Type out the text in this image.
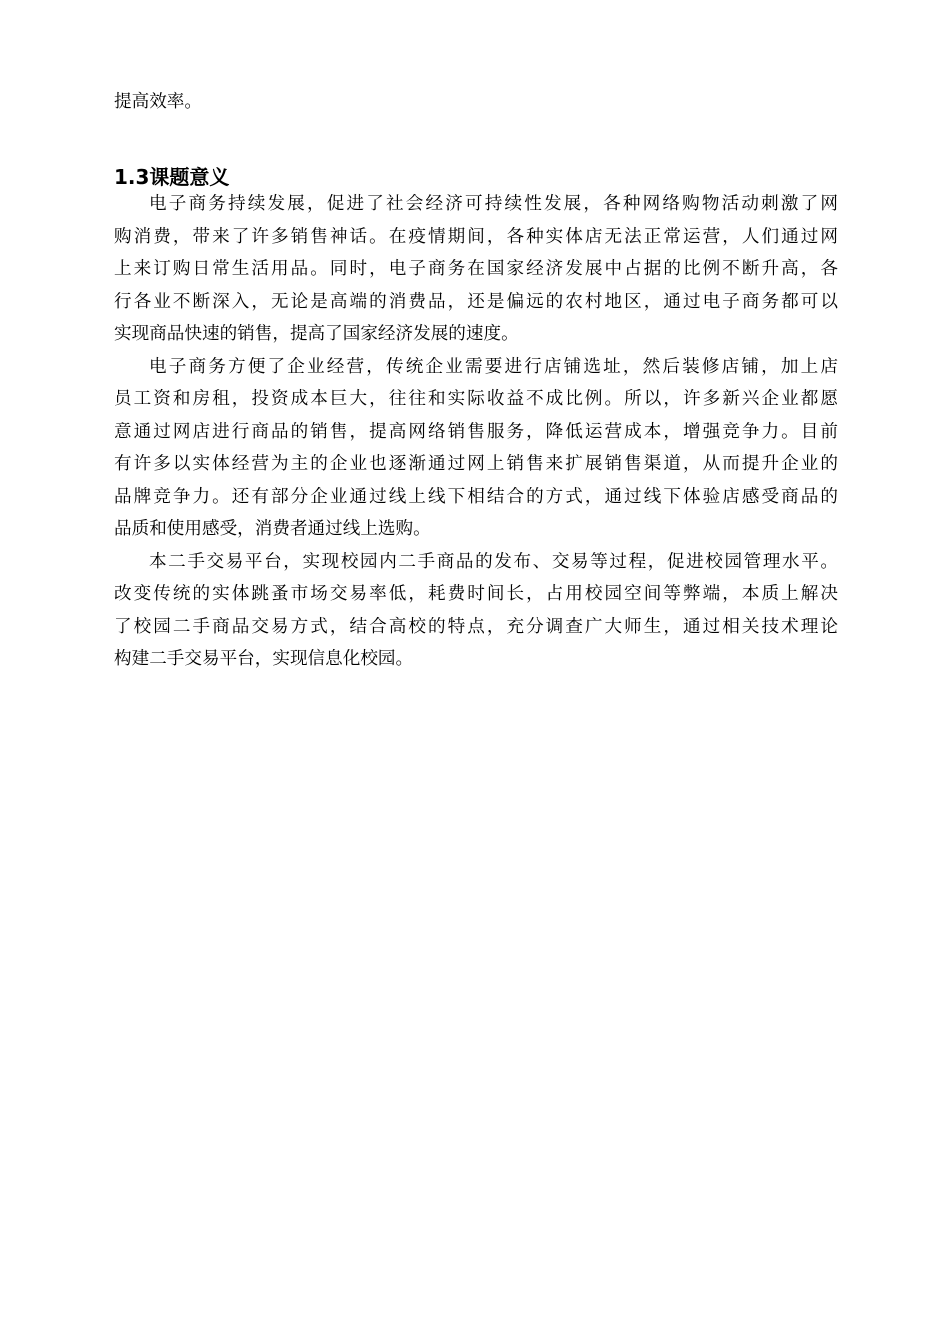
提高效率。

1.3课题意义

电子商务持续发展，促进了社会经济可持续性发展，各种网络购物活动刺激了网
购消费，带来了许多销售神话。在疫情期间，各种实体店无法正常运营，人们通过网
上来订购日常生活用品。同时，电子商务在国家经济发展中占据的比例不断升高，各
行各业不断深入，无论是高端的消费品，还是偏远的农村地区，通过电子商务都可以
实现商品快速的销售，提高了国家经济发展的速度。

电子商务方便了企业经营，传统企业需要进行店铺选址，然后装修店铺，加上店
员工资和房租，投资成本巨大，往往和实际收益不成比例。所以，许多新兴企业都愿
意通过网店进行商品的销售，提高网络销售服务，降低运营成本，增强竞争力。目前
有许多以实体经营为主的企业也逐渐通过网上销售来扩展销售渠道，从而提升企业的
品牌竞争力。还有部分企业通过线上线下相结合的方式，通过线下体验店感受商品的
品质和使用感受，消费者通过线上选购。

本二手交易平台，实现校园内二手商品的发布、交易等过程，促进校园管理水平。
改变传统的实体跳蚤市场交易率低，耗费时间长，占用校园空间等弊端，本质上解决
了校园二手商品交易方式，结合高校的特点，充分调查广大师生，通过相关技术理论
构建二手交易平台，实现信息化校园。
